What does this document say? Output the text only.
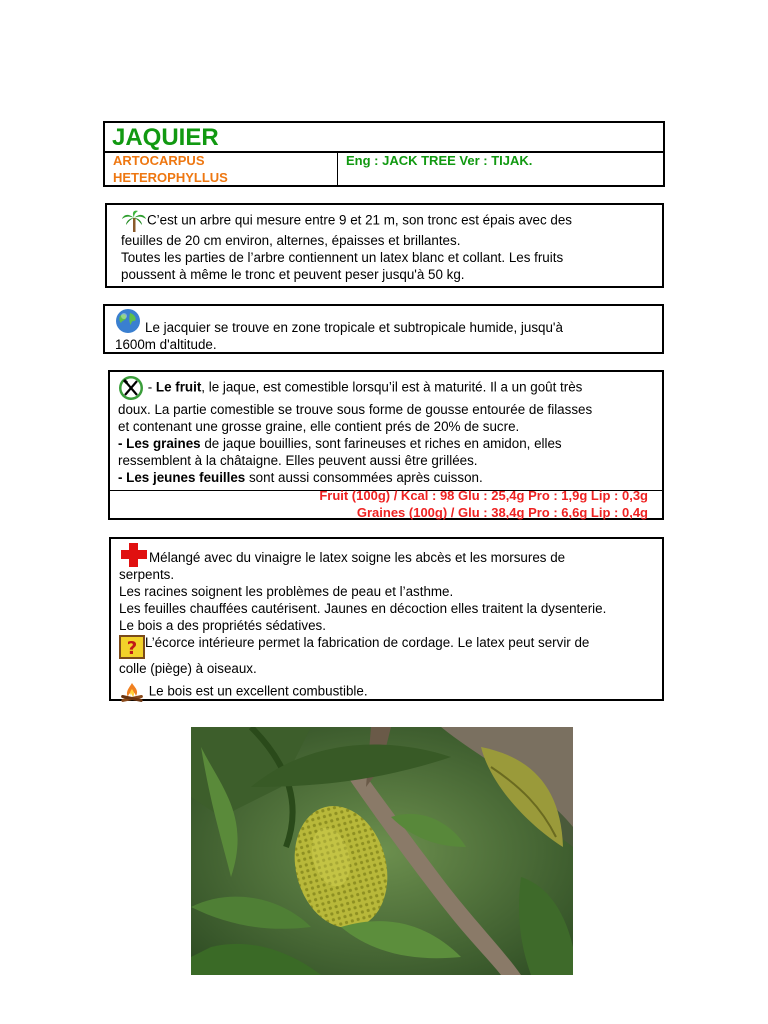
JAQUIER
ARTOCARPUS
HETEROPHYLLUS
Eng : JACK TREE Ver : TIJAK.

C’est un arbre qui mesure entre 9 et 21 m, son tronc est épais avec des

feuilles de 20 cm environ, alternes, épaisses et brillantes.

Toutes les parties de l’arbre contiennent un latex blanc et collant. Les fruits

poussent à même le tronc et peuvent peser jusqu'à 50 kg.

Le jacquier se trouve en zone tropicale et subtropicale humide, jusqu'à

1600m d'altitude.

- Le fruit, le jaque, est comestible lorsqu’il est à maturité. Il a un goût très

doux. La partie comestible se trouve sous forme de gousse entourée de filasses

et contenant une grosse graine, elle contient prés de 20% de sucre.

- Les graines de jaque bouillies, sont farineuses et riches en amidon, elles

ressemblent à la châtaigne. Elles peuvent aussi être grillées.

- Les jeunes feuilles sont aussi consommées après cuisson.

Fruit (100g) / Kcal : 98 Glu : 25,4g Pro : 1,9g Lip : 0,3g
Graines (100g) / Glu : 38,4g Pro : 6,6g Lip : 0,4g

Mélangé avec du vinaigre le latex soigne les abcès et les morsures de

serpents.

Les racines soignent les problèmes de peau et l’asthme.

Les feuilles chauffées cautérisent. Jaunes en décoction elles traitent la dysenterie.

Le bois a des propriétés sédatives.

? L’écorce intérieure permet la fabrication de cordage. Le latex peut servir de

colle (piège) à oiseaux.

Le bois est un excellent combustible.
